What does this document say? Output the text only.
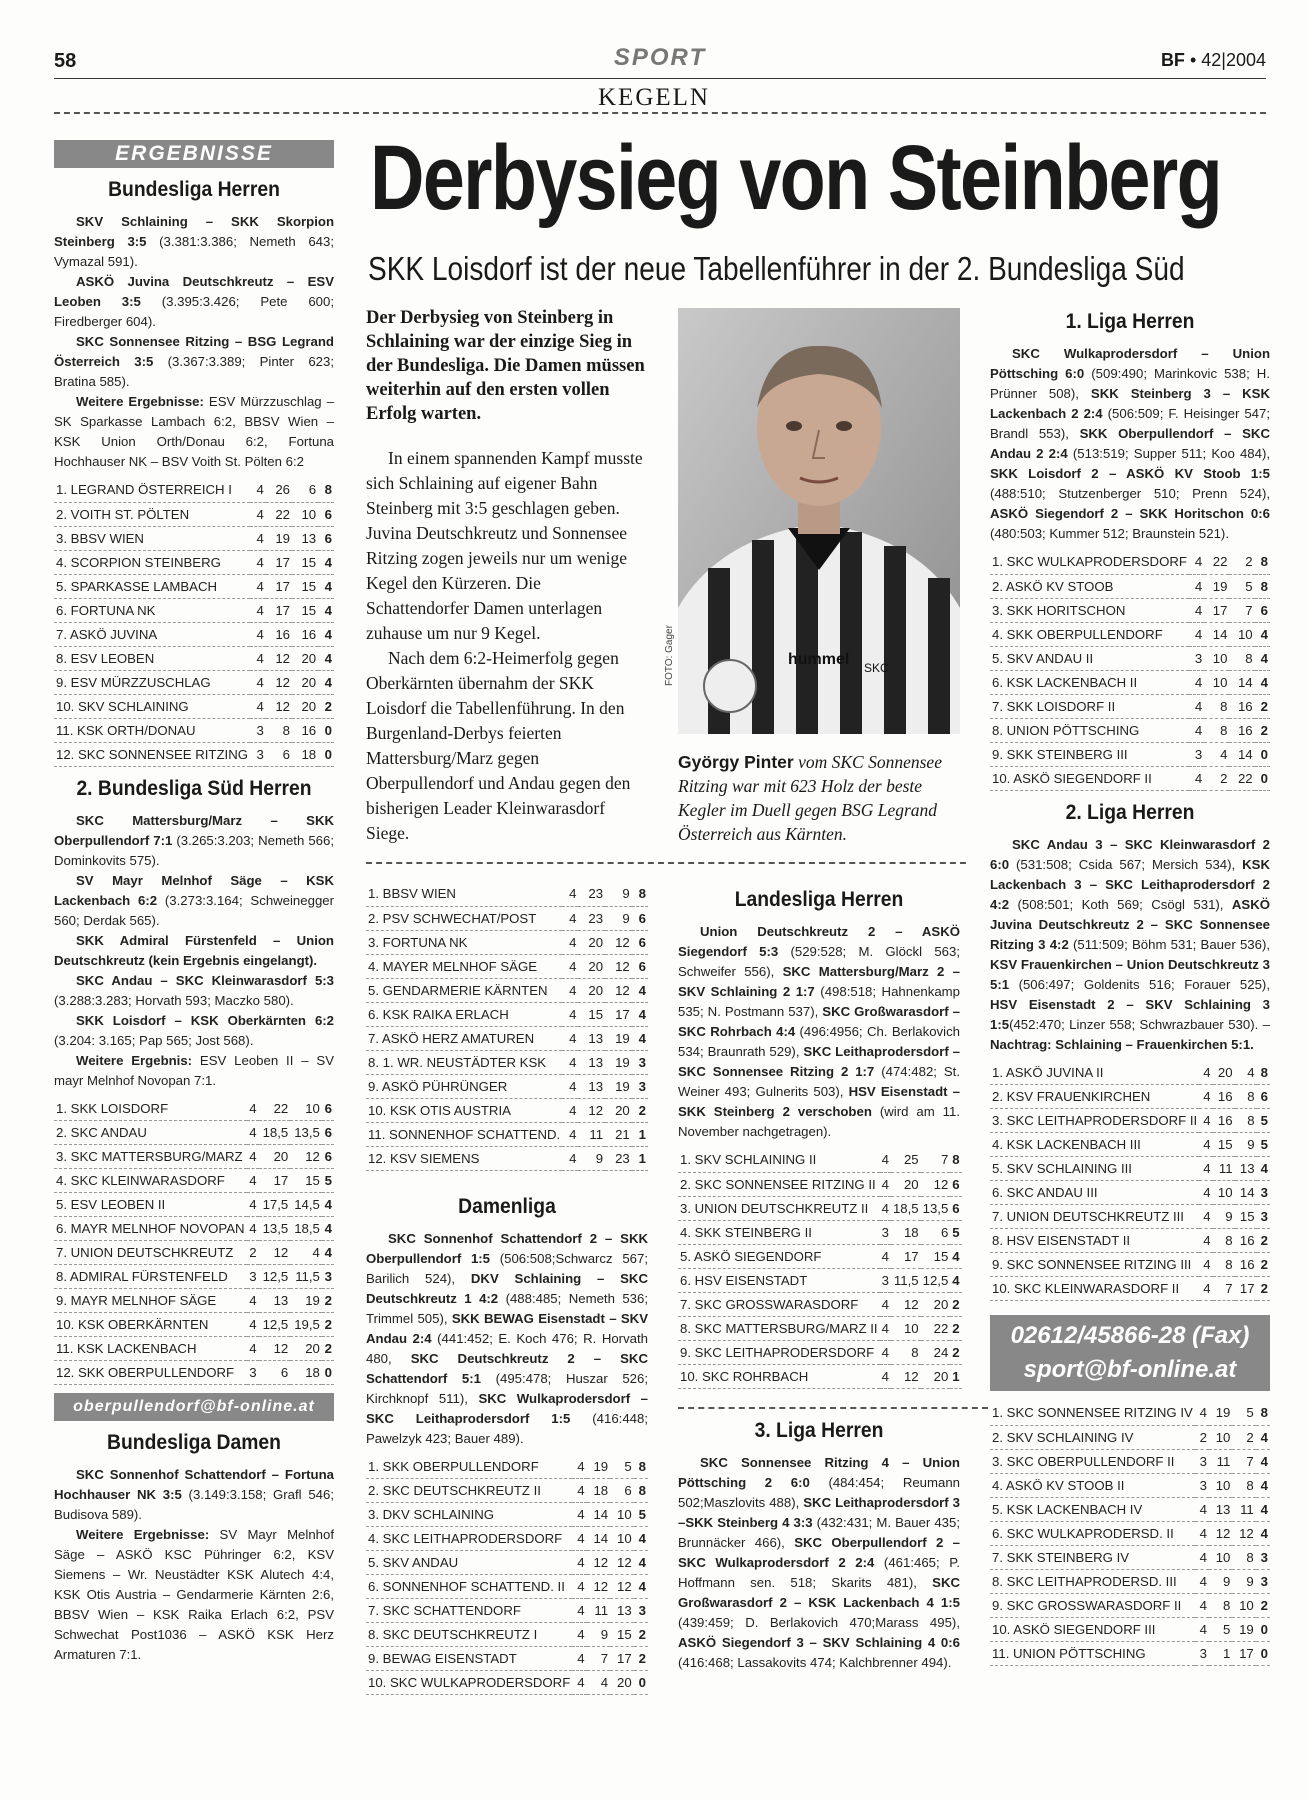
58	SPORT	BF • 42|2004
KEGELN
ERGEBNISSE
Bundesliga Herren

SKV Schlaining – SKK Skorpion Steinberg 3:5 (3.381:3.386; Nemeth 643; Vymazal 591).

ASKÖ Juvina Deutschkreutz – ESV Leoben 3:5 (3.395:3.426; Pete 600; Firedberger 604).

SKC Sonnensee Ritzing – BSG Legrand Österreich 3:5 (3.367:3.389; Pinter 623; Bratina 585).

Weitere Ergebnisse: ESV Mürzzuschlag – SK Sparkasse Lambach 6:2, BBSV Wien – KSK Union Orth/Donau 6:2, Fortuna Hochhauser NK – BSV Voith St. Pölten 6:2

1. LEGRAND ÖSTERREICH I	4	26	6	8
2. VOITH ST. PÖLTEN	4	22	10	6
3. BBSV WIEN	4	19	13	6
4. SCORPION STEINBERG	4	17	15	4
5. SPARKASSE LAMBACH	4	17	15	4
6. FORTUNA NK	4	17	15	4
7. ASKÖ JUVINA	4	16	16	4
8. ESV LEOBEN	4	12	20	4
9. ESV MÜRZZUSCHLAG	4	12	20	4
10. SKV SCHLAINING	4	12	20	2
11. KSK ORTH/DONAU	3	8	16	0
12. SKC SONNENSEE RITZING	3	6	18	0
2. Bundesliga Süd Herren

SKC Mattersburg/Marz – SKK Oberpullendorf 7:1 (3.265:3.203; Nemeth 566; Dominkovits 575).

SV Mayr Melnhof Säge – KSK Lackenbach 6:2 (3.273:3.164; Schweinegger 560; Derdak 565).

SKK Admiral Fürstenfeld – Union Deutschkreutz (kein Ergebnis eingelangt).

SKC Andau – SKC Kleinwarasdorf 5:3 (3.288:3.283; Horvath 593; Maczko 580).

SKK Loisdorf – KSK Oberkärnten 6:2 (3.204: 3.165; Pap 565; Jost 568).

Weitere Ergebnis: ESV Leoben II – SV mayr Melnhof Novopan 7:1.

1. SKK LOISDORF	4	22	10	6
2. SKC ANDAU	4	18,5	13,5	6
3. SKC MATTERSBURG/MARZ	4	20	12	6
4. SKC KLEINWARASDORF	4	17	15	5
5. ESV LEOBEN II	4	17,5	14,5	4
6. MAYR MELNHOF NOVOPAN	4	13,5	18,5	4
7. UNION DEUTSCHKREUTZ	2	12	4	4
8. ADMIRAL FÜRSTENFELD	3	12,5	11,5	3
9. MAYR MELNHOF SÄGE	4	13	19	2
10. KSK OBERKÄRNTEN	4	12,5	19,5	2
11. KSK LACKENBACH	4	12	20	2
12. SKK OBERPULLENDORF	3	6	18	0
oberpullendorf@bf-online.at
Bundesliga Damen

SKC Sonnenhof Schattendorf – Fortuna Hochhauser NK 3:5 (3.149:3.158; Grafl 546; Budisova 589).

Weitere Ergebnisse: SV Mayr Melnhof Säge – ASKÖ KSC Pühringer 6:2, KSV Siemens – Wr. Neustädter KSK Alutech 4:4, KSK Otis Austria – Gendarmerie Kärnten 2:6, BBSV Wien – KSK Raika Erlach 6:2, PSV Schwechat Post1036 – ASKÖ KSK Herz Armaturen 7:1.

Derbysieg von Steinberg
SKK Loisdorf ist der neue Tabellenführer in der 2. Bundesliga Süd
Der Derbysieg von Steinberg in Schlaining war der einzige Sieg in der Bundesliga. Die Damen müssen weiterhin auf den ersten vollen Erfolg warten.

In einem spannenden Kampf musste sich Schlaining auf eigener Bahn Steinberg mit 3:5 geschlagen geben. Juvina Deutschkreutz und Sonnensee Ritzing zogen jeweils nur um wenige Kegel den Kürzeren. Die Schattendorfer Damen unterlagen zuhause um nur 9 Kegel.

Nach dem 6:2-Heimerfolg gegen Oberkärnten übernahm der SKK Loisdorf die Tabellenführung. In den Burgenland-Derbys feierten Mattersburg/Marz gegen Oberpullendorf und Andau gegen den bisherigen Leader Kleinwarasdorf Siege.

hummel SKC
FOTO: Gager
György Pinter vom SKC Sonnensee Ritzing war mit 623 Holz der beste Kegler im Duell gegen BSG Legrand Österreich aus Kärnten.
1. BBSV WIEN	4	23	9	8
2. PSV SCHWECHAT/POST	4	23	9	6
3. FORTUNA NK	4	20	12	6
4. MAYER MELNHOF SÄGE	4	20	12	6
5. GENDARMERIE KÄRNTEN	4	20	12	4
6. KSK RAIKA ERLACH	4	15	17	4
7. ASKÖ HERZ AMATUREN	4	13	19	4
8. 1. WR. NEUSTÄDTER KSK	4	13	19	3
9. ASKÖ PÜHRÜNGER	4	13	19	3
10. KSK OTIS AUSTRIA	4	12	20	2
11. SONNENHOF SCHATTEND.	4	11	21	1
12. KSV SIEMENS	4	9	23	1
Damenliga

SKC Sonnenhof Schattendorf 2 – SKK Oberpullendorf 1:5 (506:508;Schwarcz 567; Barilich 524), DKV Schlaining – SKC Deutschkreutz 1 4:2 (488:485; Nemeth 536; Trimmel 505), SKK BEWAG Eisenstadt – SKV Andau 2:4 (441:452; E. Koch 476; R. Horvath 480, SKC Deutschkreutz 2 – SKC Schattendorf 5:1 (495:478; Huszar 526; Kirchknopf 511), SKC Wulkaprodersdorf – SKC Leithaprodersdorf 1:5 (416:448; Pawelzyk 423; Bauer 489).

1. SKK OBERPULLENDORF	4	19	5	8
2. SKC DEUTSCHKREUTZ II	4	18	6	8
3. DKV SCHLAINING	4	14	10	5
4. SKC LEITHAPRODERSDORF	4	14	10	4
5. SKV ANDAU	4	12	12	4
6. SONNENHOF SCHATTEND. II	4	12	12	4
7. SKC SCHATTENDORF	4	11	13	3
8. SKC DEUTSCHKREUTZ I	4	9	15	2
9. BEWAG EISENSTADT	4	7	17	2
10. SKC WULKAPRODERSDORF	4	4	20	0
Landesliga Herren

Union Deutschkreutz 2 – ASKÖ Siegendorf 5:3 (529:528; M. Glöckl 563; Schweifer 556), SKC Mattersburg/Marz 2 – SKV Schlaining 2 1:7 (498:518; Hahnenkamp 535; N. Postmann 537), SKC Großwarasdorf – SKC Rohrbach 4:4 (496:4956; Ch. Berlakovich 534; Braunrath 529), SKC Leithaprodersdorf – SKC Sonnensee Ritzing 2 1:7 (474:482; St. Weiner 493; Gulnerits 503), HSV Eisenstadt – SKK Steinberg 2 verschoben (wird am 11. November nachgetragen).

1. SKV SCHLAINING II	4	25	7	8
2. SKC SONNENSEE RITZING II	4	20	12	6
3. UNION DEUTSCHKREUTZ II	4	18,5	13,5	6
4. SKK STEINBERG II	3	18	6	5
5. ASKÖ SIEGENDORF	4	17	15	4
6. HSV EISENSTADT	3	11,5	12,5	4
7. SKC GROSSWARASDORF	4	12	20	2
8. SKC MATTERSBURG/MARZ II	4	10	22	2
9. SKC LEITHAPRODERSDORF	4	8	24	2
10. SKC ROHRBACH	4	12	20	1
3. Liga Herren

SKC Sonnensee Ritzing 4 – Union Pöttsching 2 6:0 (484:454; Reumann 502;Maszlovits 488), SKC Leithaprodersdorf 3 –SKK Steinberg 4 3:3 (432:431; M. Bauer 435; Brunnäcker 466), SKC Oberpullendorf 2 – SKC Wulkaprodersdorf 2 2:4 (461:465; P. Hoffmann sen. 518; Skarits 481), SKC Großwarasdorf 2 – KSK Lackenbach 4 1:5 (439:459; D. Berlakovich 470;Marass 495), ASKÖ Siegendorf 3 – SKV Schlaining 4 0:6 (416:468; Lassakovits 474; Kalchbrenner 494).

1. Liga Herren

SKC Wulkaprodersdorf – Union Pöttsching 6:0 (509:490; Marinkovic 538; H. Prünner 508), SKK Steinberg 3 – KSK Lackenbach 2 2:4 (506:509; F. Heisinger 547; Brandl 553), SKK Oberpullendorf – SKC Andau 2 2:4 (513:519; Supper 511; Koo 484), SKK Loisdorf 2 – ASKÖ KV Stoob 1:5 (488:510; Stutzenberger 510; Prenn 524), ASKÖ Siegendorf 2 – SKK Horitschon 0:6 (480:503; Kummer 512; Braunstein 521).

1. SKC WULKAPRODERSDORF	4	22	2	8
2. ASKÖ KV STOOB	4	19	5	8
3. SKK HORITSCHON	4	17	7	6
4. SKK OBERPULLENDORF	4	14	10	4
5. SKV ANDAU II	3	10	8	4
6. KSK LACKENBACH II	4	10	14	4
7. SKK LOISDORF II	4	8	16	2
8. UNION PÖTTSCHING	4	8	16	2
9. SKK STEINBERG III	3	4	14	0
10. ASKÖ SIEGENDORF II	4	2	22	0
2. Liga Herren

SKC Andau 3 – SKC Kleinwarasdorf 2 6:0 (531:508; Csida 567; Mersich 534), KSK Lackenbach 3 – SKC Leithaprodersdorf 2 4:2 (508:501; Koth 569; Csögl 531), ASKÖ Juvina Deutschkreutz 2 – SKC Sonnensee Ritzing 3 4:2 (511:509; Böhm 531; Bauer 536), KSV Frauenkirchen – Union Deutschkreutz 3 5:1 (506:497; Goldenits 516; Forauer 525), HSV Eisenstadt 2 – SKV Schlaining 3 1:5(452:470; Linzer 558; Schwrazbauer 530). – Nachtrag: Schlaining – Frauenkirchen 5:1.

1. ASKÖ JUVINA II	4	20	4	8
2. KSV FRAUENKIRCHEN	4	16	8	6
3. SKC LEITHAPRODERSDORF II	4	16	8	5
4. KSK LACKENBACH III	4	15	9	5
5. SKV SCHLAINING III	4	11	13	4
6. SKC ANDAU III	4	10	14	3
7. UNION DEUTSCHKREUTZ III	4	9	15	3
8. HSV EISENSTADT II	4	8	16	2
9. SKC SONNENSEE RITZING III	4	8	16	2
10. SKC KLEINWARASDORF II	4	7	17	2
02612/45866-28 (Fax)
sport@bf-online.at
1. SKC SONNENSEE RITZING IV	4	19	5	8
2. SKV SCHLAINING IV	2	10	2	4
3. SKC OBERPULLENDORF II	3	11	7	4
4. ASKÖ KV STOOB II	3	10	8	4
5. KSK LACKENBACH IV	4	13	11	4
6. SKC WULKAPRODERSD. II	4	12	12	4
7. SKK STEINBERG IV	4	10	8	3
8. SKC LEITHAPRODERSD. III	4	9	9	3
9. SKC GROSSWARASDORF II	4	8	10	2
10. ASKÖ SIEGENDORF III	4	5	19	0
11. UNION PÖTTSCHING	3	1	17	0
